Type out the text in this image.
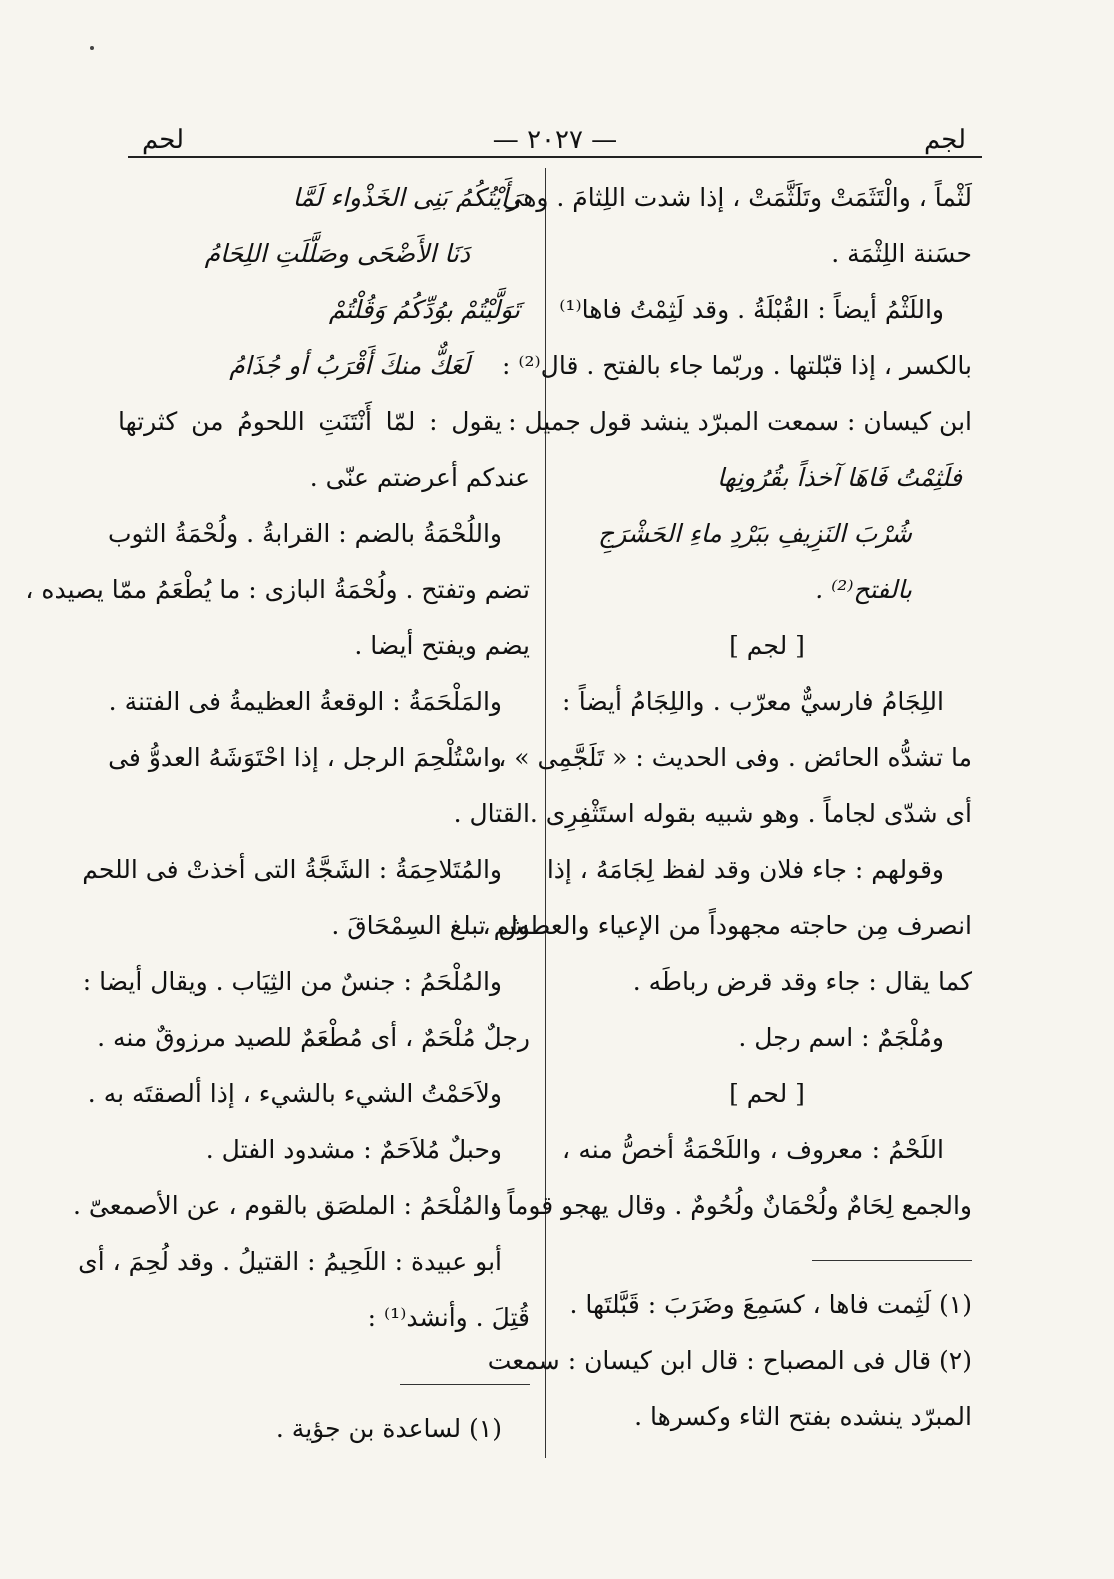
لحم	— ٢٠٢٧ —	لجم
لَثْماً ، والْتَثَمَتْ وتَلَثَّمَتْ ، إذا شدت اللِثامَ . وهى
حسَنة اللِثْمَة .
واللَثْمُ أيضاً : القُبْلَةُ . وقد لَثِمْتُ فاها⁽¹⁾
بالكسر ، إذا قبّلتها . وربّما جاء بالفتح . قال⁽²⁾ :
ابن كيسان : سمعت المبرّد ينشد قول جميل :
فلَثِمْتُ فَاهَا آخذاً بقُرُونِها
شُرْبَ النَزِيفِ ببَرْدِ ماءِ الحَشْرَجِ
بالفتح⁽²⁾ .
[ لجم ]
اللِجَامُ فارسيٌّ معرّب . واللِجَامُ أيضاً :
ما تشدُّه الحائض . وفى الحديث : « تَلَجَّمِى » ،
أى شدّى لجاماً . وهو شبيه بقوله استَثْفِرِى .
وقولهم : جاء فلان وقد لفظ لِجَامَهُ ، إذا
انصرف مِن حاجته مجهوداً من الإعياء والعطش ،
كما يقال : جاء وقد قرض رباطَه .
ومُلْجَمٌ : اسم رجل .
[ لحم ]
اللَحْمُ : معروف ، واللَحْمَةُ أخصُّ منه ،
والجمع لِحَامٌ ولُحْمَانٌ ولُحُومٌ . وقال يهجو قوماً :
(١) لَثِمت فاها ، كسَمِعَ وضَرَبَ : قَبَّلتَها .
(٢) قال فى المصباح : قال ابن كيسان : سمعت
المبرّد ينشده بفتح الثاء وكسرها .
رَأَيْتُكُمُ بَنِى الخَذْواء لَمَّا
دَنَا الأَضْحَى وصَلَّلَتِ اللِحَامُ
تَوَلَّيْتُمْ بوُدِّكُمُ وَقُلْتُمْ
لَعَكٌّ منكَ أَقْرَبُ أو جُذَامُ
يقول : لمّا أَنْتَنَتِ اللحومُ من كثرتها
عندكم أعرضتم عنّى .
واللُحْمَةُ بالضم : القرابةُ . ولُحْمَةُ الثوب
تضم وتفتح . ولُحْمَةُ البازى : ما يُطْعَمُ ممّا يصيده ،
يضم ويفتح أيضا .
والمَلْحَمَةُ : الوقعةُ العظيمةُ فى الفتنة .
واسْتُلْحِمَ الرجل ، إذا احْتَوَشَهُ العدوُّ فى
القتال .
والمُتَلاحِمَةُ : الشَجَّةُ التى أخذتْ فى اللحم
ولم تبلغ السِمْحَاقَ .
والمُلْحَمُ : جنسٌ من الثِيَاب . ويقال أيضا :
رجلٌ مُلْحَمٌ ، أى مُطْعَمٌ للصيد مرزوقٌ منه .
ولاَحَمْتُ الشيء بالشيء ، إذا ألصقتَه به .
وحبلٌ مُلاَحَمٌ : مشدود الفتل .
والمُلْحَمُ : الملصَق بالقوم ، عن الأصمعىّ .
أبو عبيدة : اللَحِيمُ : القتيلُ . وقد لُحِمَ ، أى
قُتِلَ . وأنشد⁽¹⁾ :
(١) لساعدة بن جؤية .
